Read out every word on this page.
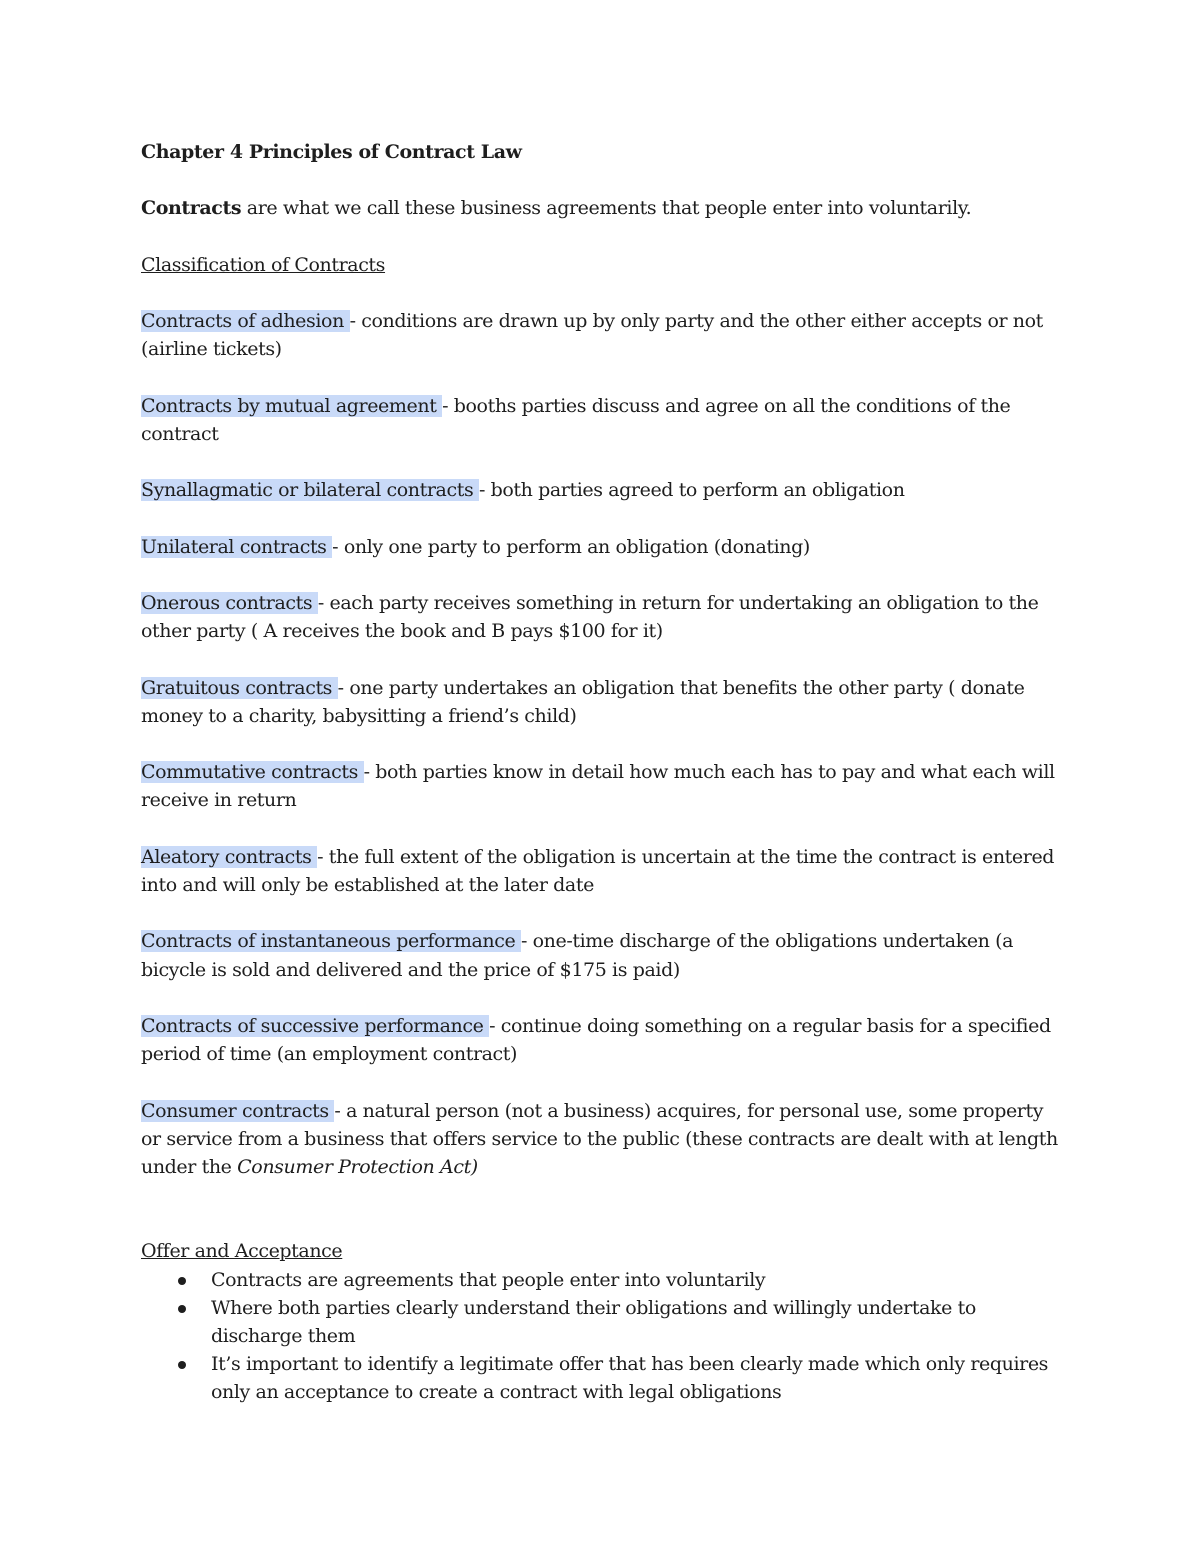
Chapter 4 Principles of Contract Law
Contracts are what we call these business agreements that people enter into voluntarily.
Classification of Contracts
Contracts of adhesion - conditions are drawn up by only party and the other either accepts or not (airline tickets)
Contracts by mutual agreement - booths parties discuss and agree on all the conditions of the contract
Synallagmatic or bilateral contracts - both parties agreed to perform an obligation
Unilateral contracts - only one party to perform an obligation (donating)
Onerous contracts - each party receives something in return for undertaking an obligation to the other party ( A receives the book and B pays $100 for it)
Gratuitous contracts - one party undertakes an obligation that benefits the other party ( donate money to a charity, babysitting a friend’s child)
Commutative contracts - both parties know in detail how much each has to pay and what each will receive in return
Aleatory contracts - the full extent of the obligation is uncertain at the time the contract is entered into and will only be established at the later date
Contracts of instantaneous performance - one-time discharge of the obligations undertaken (a bicycle is sold and delivered and the price of $175 is paid)
Contracts of successive performance - continue doing something on a regular basis for a specified period of time (an employment contract)
Consumer contracts - a natural person (not a business) acquires, for personal use, some property or service from a business that offers service to the public (these contracts are dealt with at length under the Consumer Protection Act)
Offer and Acceptance
Contracts are agreements that people enter into voluntarily
Where both parties clearly understand their obligations and willingly undertake to discharge them
It’s important to identify a legitimate offer that has been clearly made which only requires only an acceptance to create a contract with legal obligations
